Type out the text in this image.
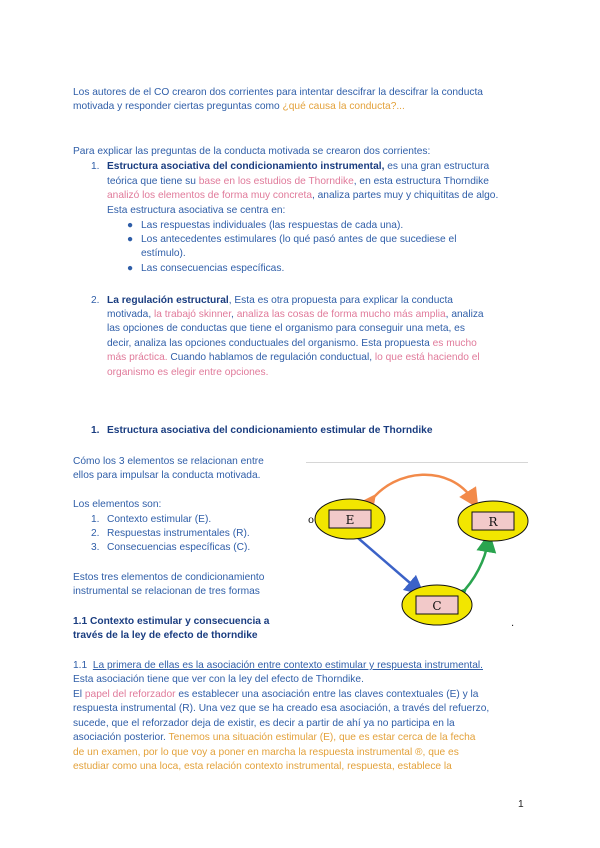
Los autores de el CO crearon dos corrientes para intentar descifrar la descifrar la conducta
motivada y responder ciertas preguntas como ¿qué causa la conducta?...
Para explicar las preguntas de la conducta motivada se crearon dos corrientes:
1. Estructura asociativa del condicionamiento instrumental, es una gran estructura
teórica que tiene su base en los estudios de Thorndike, en esta estructura Thorndike
analizó los elementos de forma muy concreta, analiza partes muy y chiquititas de algo.
Esta estructura asociativa se centra en:
● Las respuestas individuales (las respuestas de cada una).
● Los antecedentes estimulares (lo qué pasó antes de que sucediese el
estímulo).
● Las consecuencias específicas.
2. La regulación estructural, Esta es otra propuesta para explicar la conducta
motivada, la trabajó skinner, analiza las cosas de forma mucho más amplia, analiza
las opciones de conductas que tiene el organismo para conseguir una meta, es
decir, analiza las opciones conductuales del organismo. Esta propuesta es mucho
más práctica. Cuando hablamos de regulación conductual, lo que está haciendo el
organismo es elegir entre opciones.
1. Estructura asociativa del condicionamiento estimular de Thorndike
Cómo los 3 elementos se relacionan entre
ellos para impulsar la conducta motivada.
Los elementos son:
1. Contexto estimular (E).
2. Respuestas instrumentales (R).
3. Consecuencias específicas (C).
Estos tres elementos de condicionamiento
instrumental se relacionan de tres formas
1.1 Contexto estimular y consecuencia a
través de la ley de efecto de thorndike
E	R
C
o
.
1.1 La primera de ellas es la asociación entre contexto estimular y respuesta instrumental.
Esta asociación tiene que ver con la ley del efecto de Thorndike.
El papel del reforzador es establecer una asociación entre las claves contextuales (E) y la
respuesta instrumental (R). Una vez que se ha creado esa asociación, a través del refuerzo,
sucede, que el reforzador deja de existir, es decir a partir de ahí ya no participa en la
asociación posterior. Tenemos una situación estimular (E), que es estar cerca de la fecha
de un examen, por lo que voy a poner en marcha la respuesta instrumental ®, que es
estudiar como una loca, esta relación contexto instrumental, respuesta, establece la
1
